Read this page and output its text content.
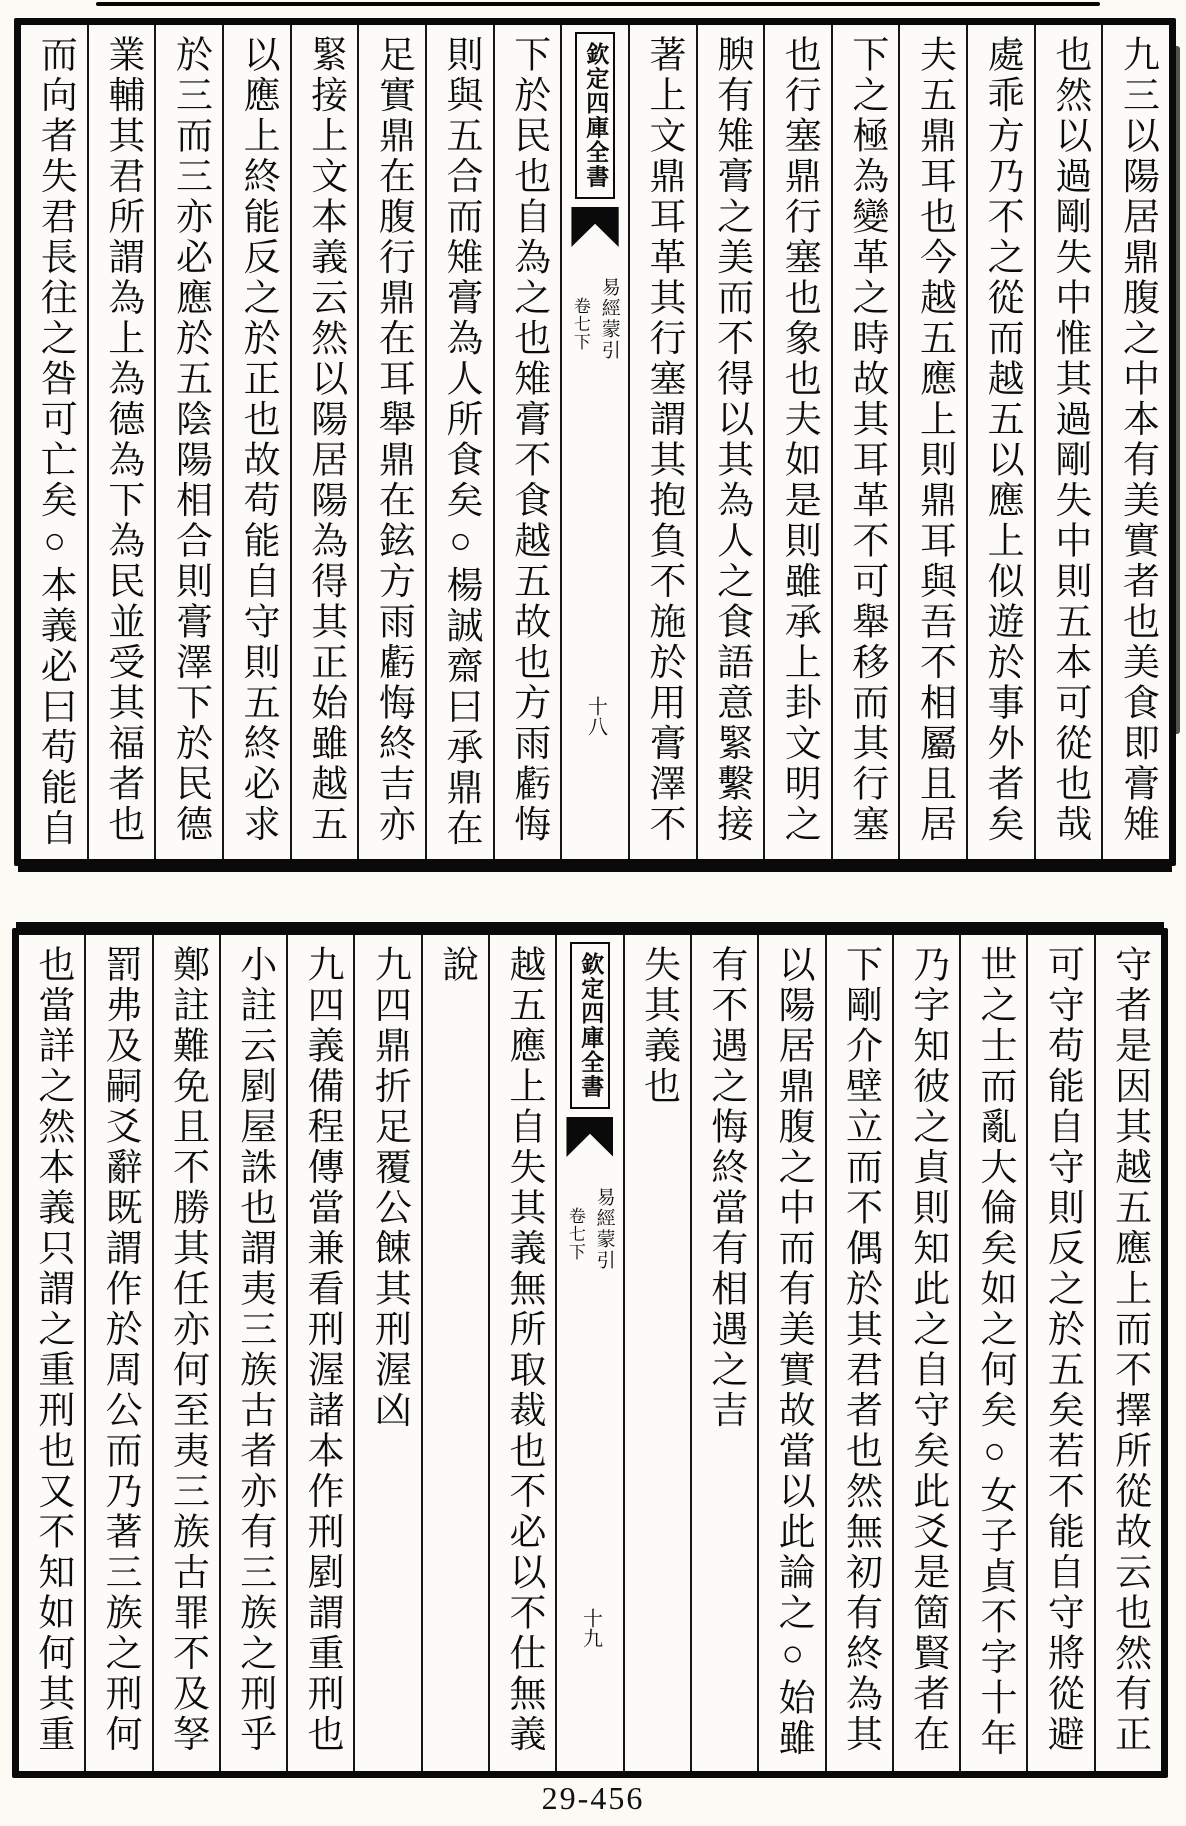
九三以陽居鼎腹之中本有美實者也美食即膏雉
也然以過剛失中惟其過剛失中則五本可從也哉
處乖方乃不之從而越五以應上似遊於事外者矣
夫五鼎耳也今越五應上則鼎耳與吾不相屬且居
下之極為變革之時故其耳革不可舉移而其行塞
也行塞鼎行塞也象也夫如是則雖承上卦文明之
腴有雉膏之美而不得以其為人之食語意緊繫接
著上文鼎耳革其行塞謂其抱負不施於用膏澤不
欽定四庫全書
易經蒙引
卷七下
十八
下於民也自為之也雉膏不食越五故也方雨虧悔
則與五合而雉膏為人所食矣○楊誠齋曰承鼎在
足實鼎在腹行鼎在耳舉鼎在鉉方雨虧悔終吉亦
緊接上文本義云然以陽居陽為得其正始雖越五
以應上終能反之於正也故苟能自守則五終必求
於三而三亦必應於五陰陽相合則膏澤下於民德
業輔其君所謂為上為德為下為民並受其福者也
而向者失君長往之咎可亡矣○本義必曰苟能自
守者是因其越五應上而不擇所從故云也然有正
可守苟能自守則反之於五矣若不能自守將從避
世之士而亂大倫矣如之何矣○女子貞不字十年
乃字知彼之貞則知此之自守矣此爻是箇賢者在
下剛介壁立而不偶於其君者也然無初有終為其
以陽居鼎腹之中而有美實故當以此論之○始雖
有不遇之悔終當有相遇之吉
失其義也
欽定四庫全書
易經蒙引
卷七下
十九
越五應上自失其義無所取裁也不必以不仕無義
說
九四鼎折足覆公餗其刑渥凶
九四義備程傳當兼看刑渥諸本作刑剭謂重刑也
小註云剭屋誅也謂夷三族古者亦有三族之刑乎
鄭註難免且不勝其任亦何至夷三族古罪不及孥
罰弗及嗣爻辭既謂作於周公而乃著三族之刑何
也當詳之然本義只謂之重刑也又不知如何其重
29-456
